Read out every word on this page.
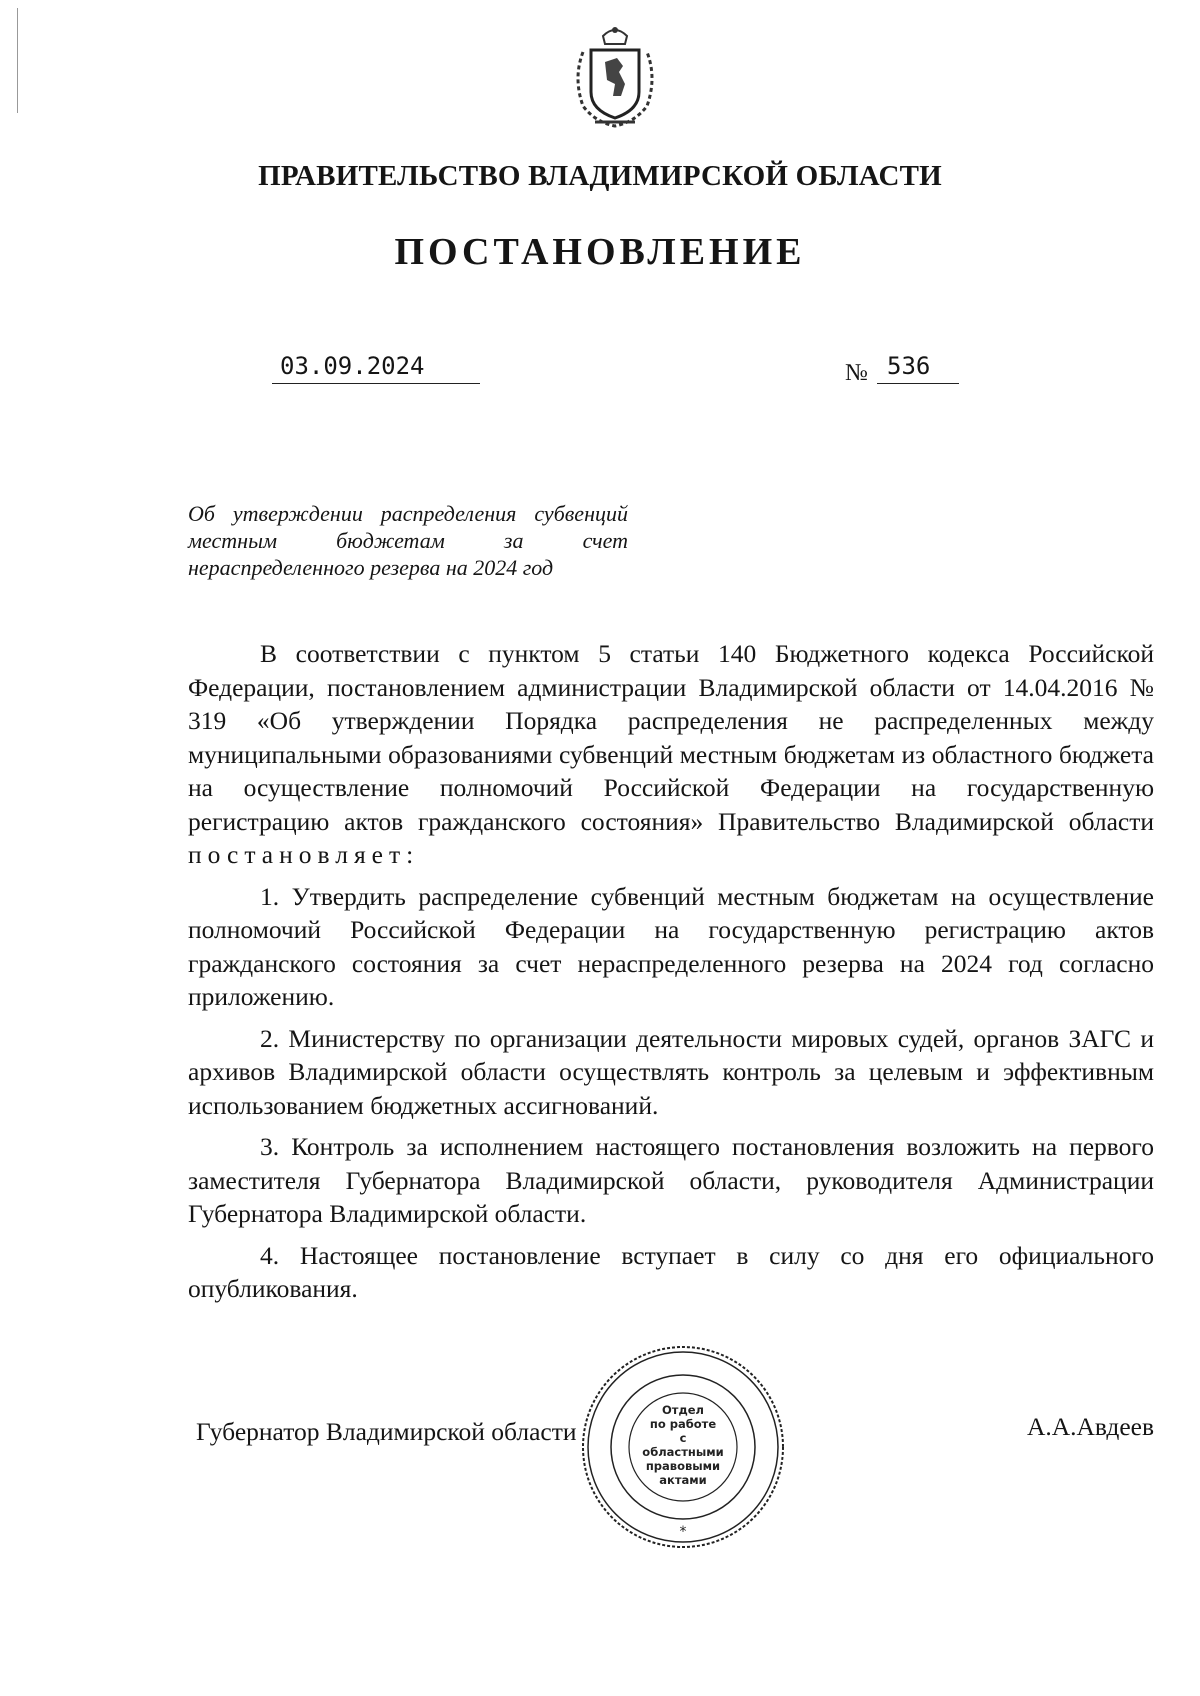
ПРАВИТЕЛЬСТВО ВЛАДИМИРСКОЙ ОБЛАСТИ
ПОСТАНОВЛЕНИЕ
03.09.2024	№ 536
Об утверждении распределения субвенций местным бюджетам за счет нераспределенного резерва на 2024 год

В соответствии с пунктом 5 статьи 140 Бюджетного кодекса Российской Федерации, постановлением администрации Владимирской области от 14.04.2016 № 319 «Об утверждении Порядка распределения не распределенных между муниципальными образованиями субвенций местным бюджетам из областного бюджета на осуществление полномочий Российской Федерации на государственную регистрацию актов гражданского состояния» Правительство Владимирской области постановляет:

1. Утвердить распределение субвенций местным бюджетам на осуществление полномочий Российской Федерации на государственную регистрацию актов гражданского состояния за счет нераспределенного резерва на 2024 год согласно приложению.

2. Министерству по организации деятельности мировых судей, органов ЗАГС и архивов Владимирской области осуществлять контроль за целевым и эффективным использованием бюджетных ассигнований.

3. Контроль за исполнением настоящего постановления возложить на первого заместителя Губернатора Владимирской области, руководителя Администрации Губернатора Владимирской области.

4. Настоящее постановление вступает в силу со дня его официального опубликования.

Губернатор Владимирской области	А.А.Авдеев
*
Отдел
по работе
с областными
правовыми
актами
